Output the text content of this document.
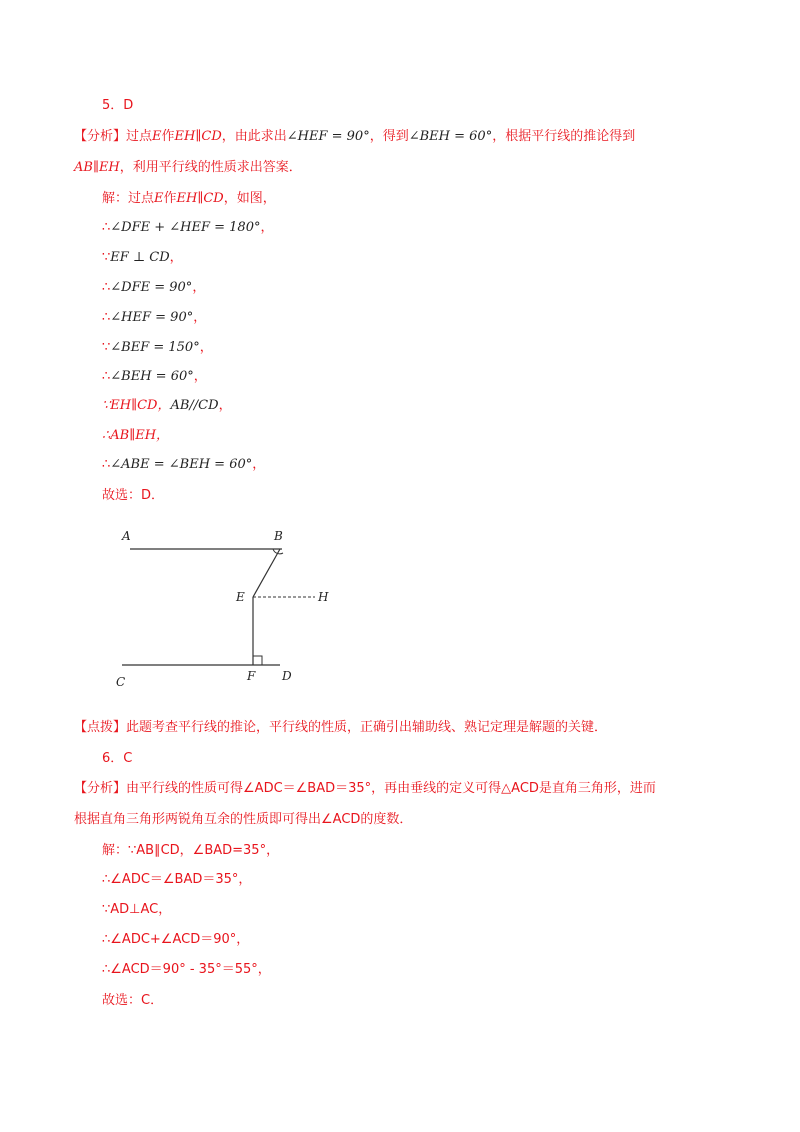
5．D
【分析】过点E作EH∥CD，由此求出∠HEF = 90°，得到∠BEH = 60°，根据平行线的推论得到
AB∥EH，利用平行线的性质求出答案．
解：过点E作EH∥CD，如图，
∴∠DFE + ∠HEF = 180°，
∵EF ⊥ CD，
∴∠DFE = 90°，
∴∠HEF = 90°，
∵∠BEF = 150°，
∴∠BEH = 60°，
∵EH∥CD，AB//CD，
∴AB∥EH，
∴∠ABE = ∠BEH = 60°，
故选：D．
A	B
E	H
C	F D
【点拨】此题考查平行线的推论，平行线的性质，正确引出辅助线、熟记定理是解题的关键．
6．C
【分析】由平行线的性质可得∠ADC＝∠BAD＝35°，再由垂线的定义可得△ACD是直角三角形，进而
根据直角三角形两锐角互余的性质即可得出∠ACD的度数．
解：∵AB∥CD，∠BAD=35°，
∴∠ADC＝∠BAD＝35°，
∵AD⊥AC，
∴∠ADC+∠ACD＝90°，
∴∠ACD＝90° - 35°＝55°，
故选：C．
